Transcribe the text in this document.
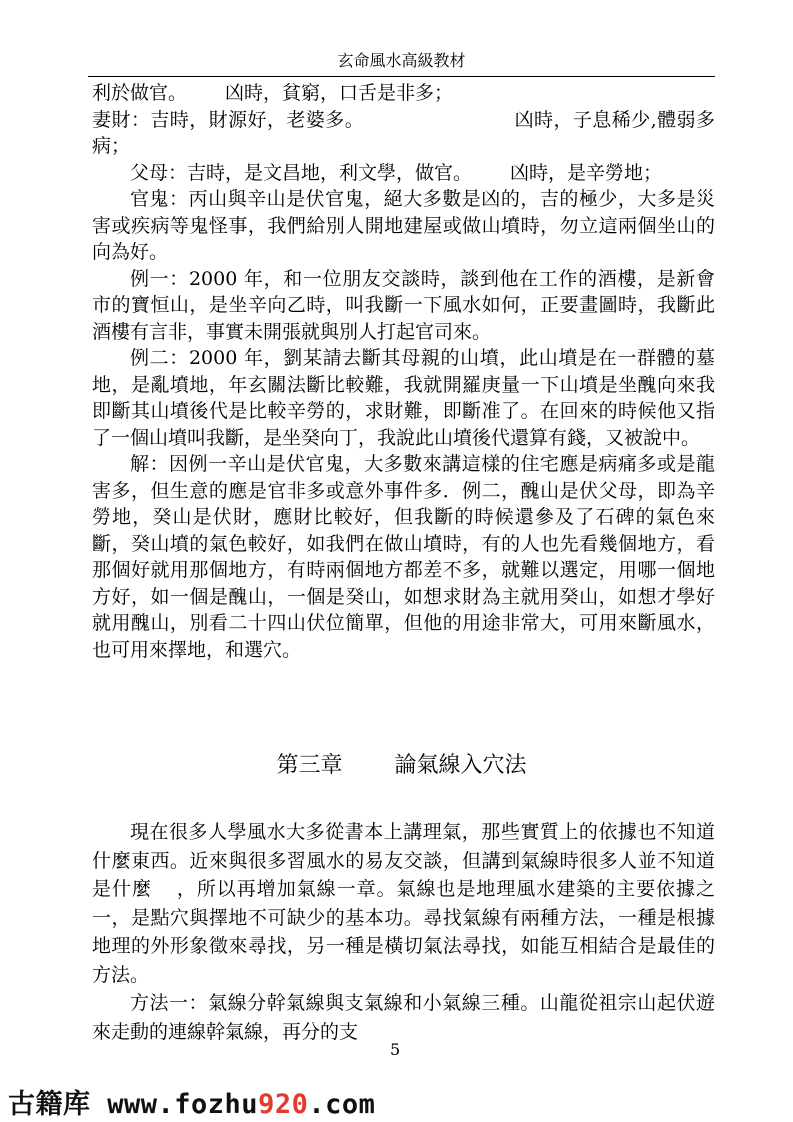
玄命風水高級教材

利於做官。 凶時，貧窮，口舌是非多；

妻財：吉時，財源好，老婆多。	凶時，子息稀少,體弱多病；

父母：吉時，是文昌地，利文學，做官。 凶時，是辛勞地；

官鬼：丙山與辛山是伏官鬼，絕大多數是凶的，吉的極少，大多是災害或疾病等鬼怪事，我們給別人開地建屋或做山墳時，勿立這兩個坐山的向為好。

例一：2000 年，和一位朋友交談時，談到他在工作的酒樓，是新會市的寶恒山，是坐辛向乙時，叫我斷一下風水如何，正要畫圖時，我斷此酒樓有言非，事實未開張就與別人打起官司來。

例二：2000 年，劉某請去斷其母親的山墳，此山墳是在一群體的墓地，是亂墳地，年玄關法斷比較難，我就開羅庚量一下山墳是坐醜向來我即斷其山墳後代是比較辛勞的，求財難，即斷准了。在回來的時候他又指了一個山墳叫我斷，是坐癸向丁，我說此山墳後代還算有錢，又被說中。

解：因例一辛山是伏官鬼，大多數來講這樣的住宅應是病痛多或是龍害多，但生意的應是官非多或意外事件多．例二，醜山是伏父母，即為辛勞地，癸山是伏財，應財比較好，但我斷的時候還參及了石碑的氣色來斷，癸山墳的氣色較好，如我們在做山墳時，有的人也先看幾個地方，看那個好就用那個地方，有時兩個地方都差不多，就難以選定，用哪一個地方好，如一個是醜山，一個是癸山，如想求財為主就用癸山，如想才學好就用醜山，別看二十四山伏位簡單，但他的用途非常大，可用來斷風水，也可用來擇地，和選穴。

第三章 論氣線入穴法

現在很多人學風水大多從書本上講理氣，那些實質上的依據也不知道什麼東西。近來與很多習風水的易友交談，但講到氣線時很多人並不知道是什麼 ，所以再增加氣線一章。氣線也是地理風水建築的主要依據之一，是點穴與擇地不可缺少的基本功。尋找氣線有兩種方法，一種是根據地理的外形象徵來尋找，另一種是橫切氣法尋找，如能互相結合是最佳的方法。

方法一：氣線分幹氣線與支氣線和小氣線三種。山龍從祖宗山起伏遊來走動的連線幹氣線，再分的支

5
古籍库 www.fozhu920.com
